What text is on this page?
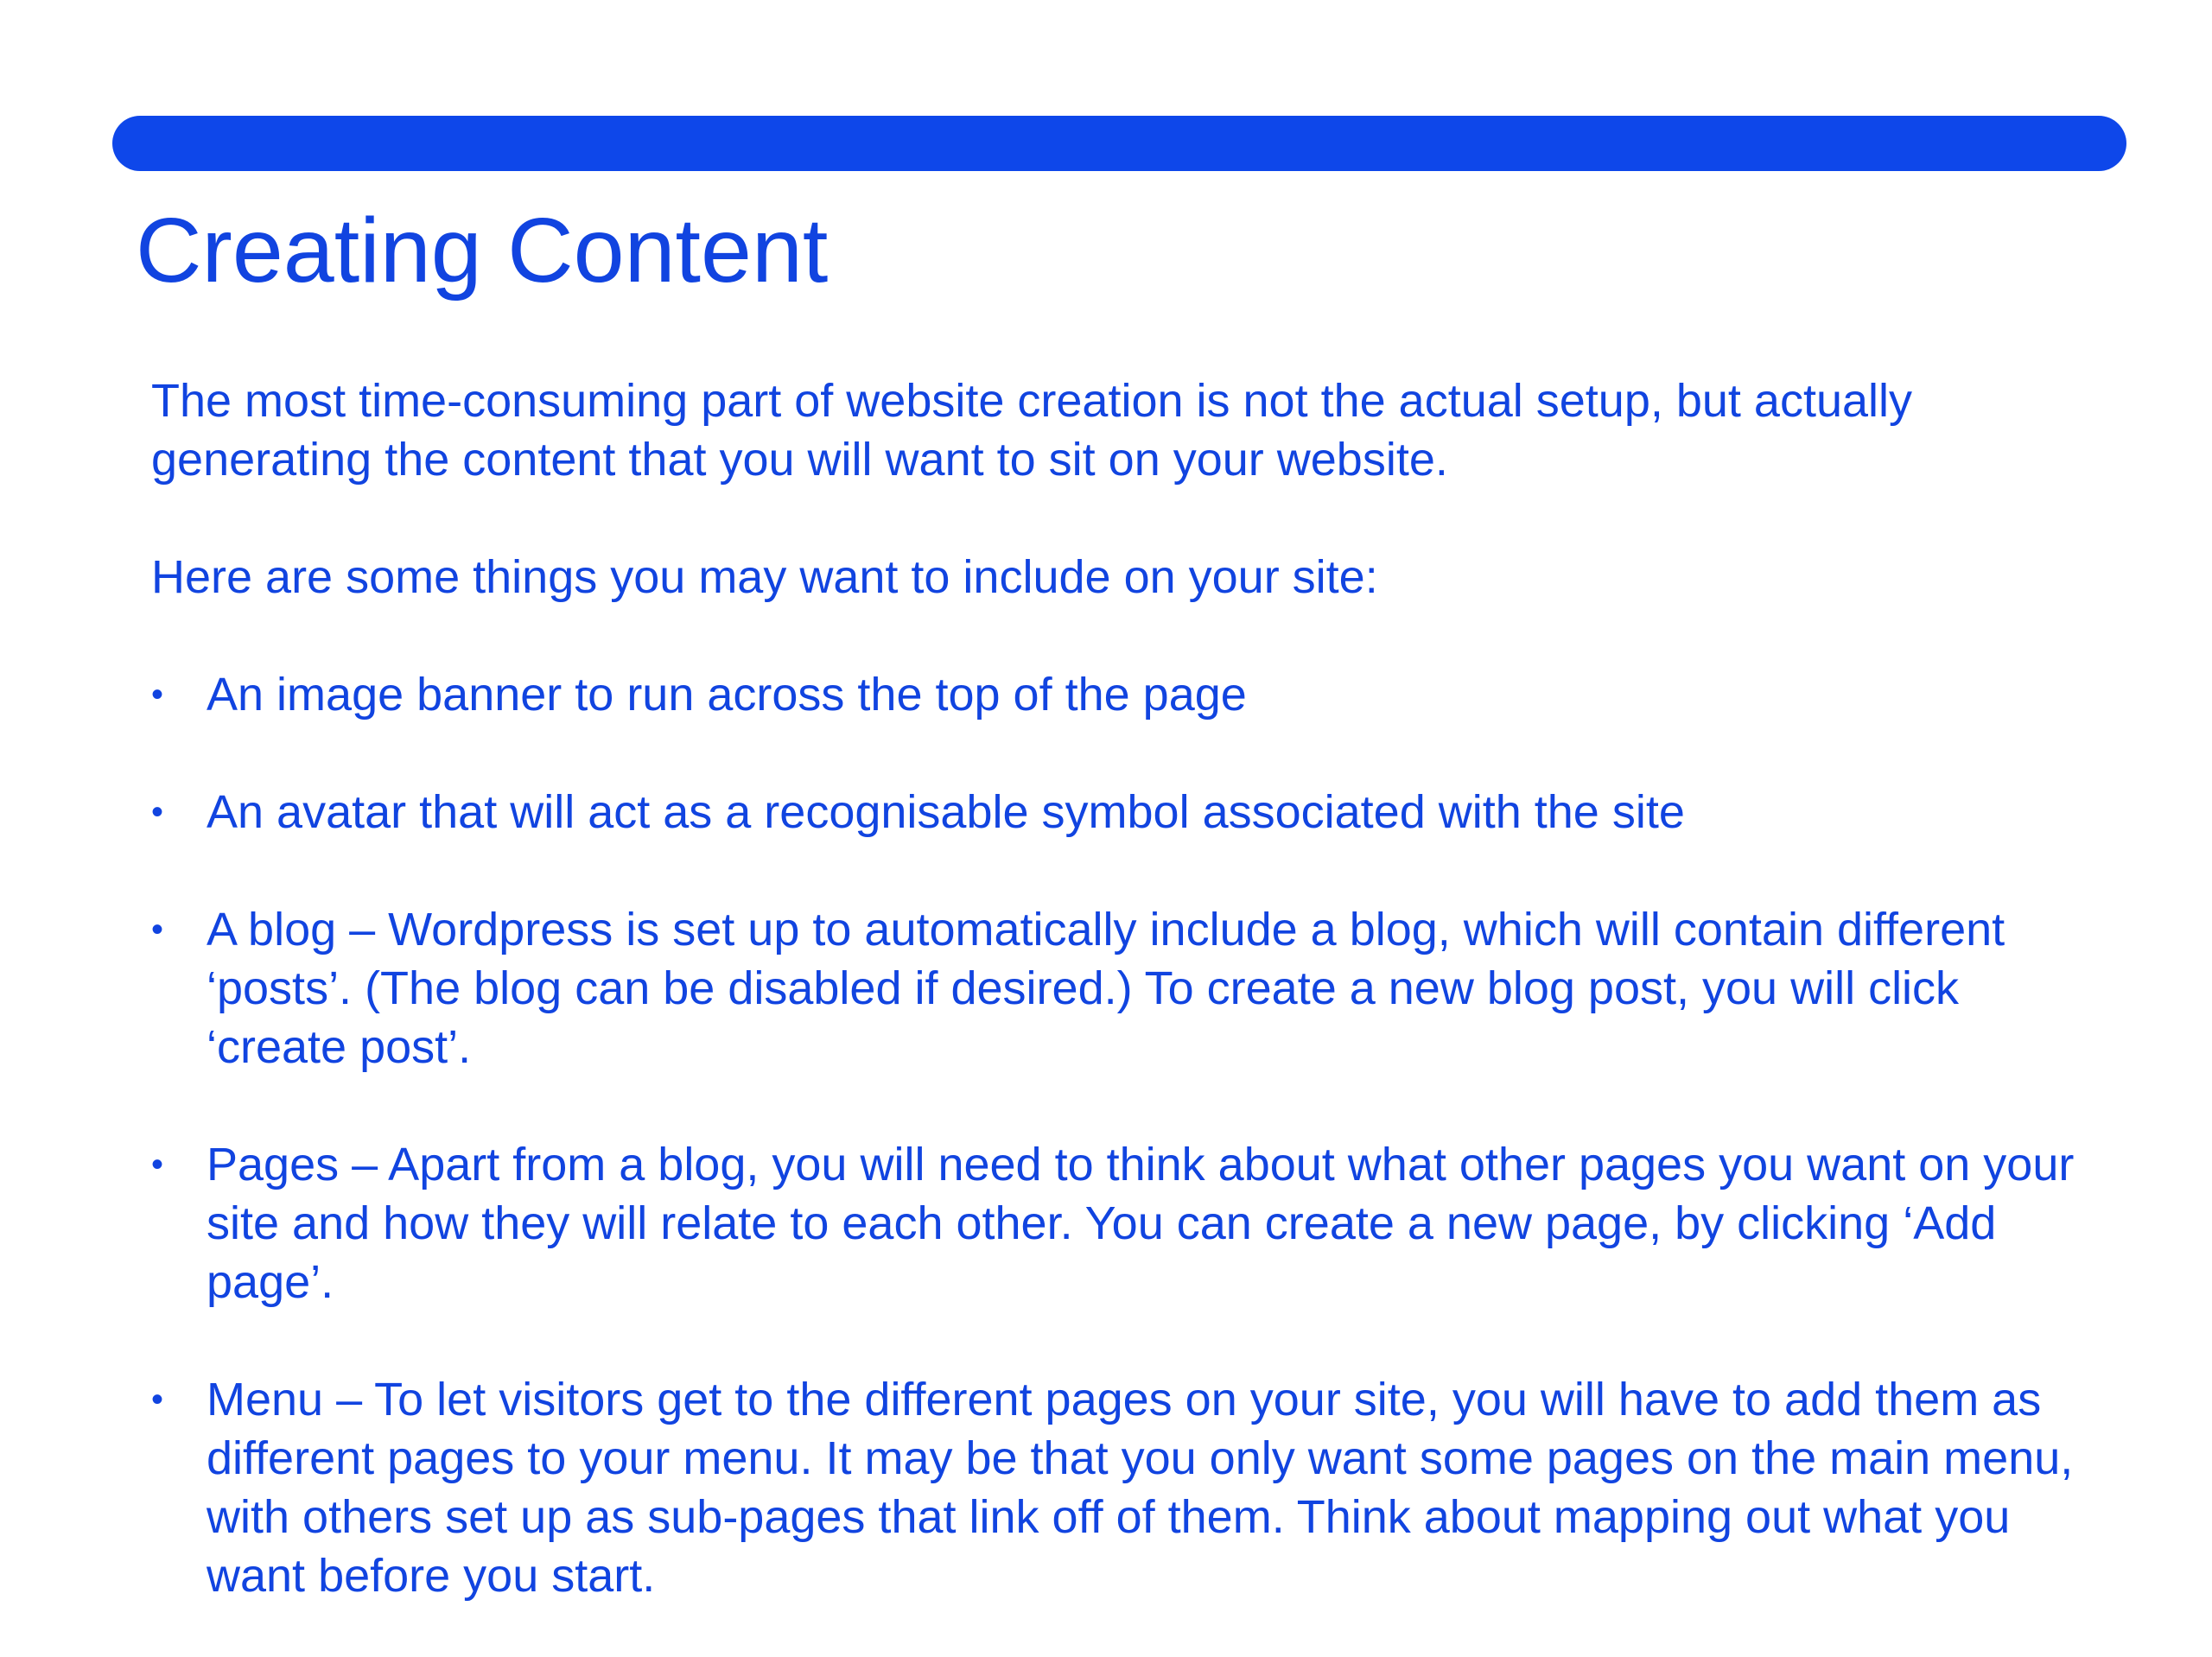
Creating Content

The most time-consuming part of website creation is not the actual setup, but actually generating the content that you will want to sit on your website.

Here are some things you may want to include on your site:

• An image banner to run across the top of the page
• An avatar that will act as a recognisable symbol associated with the site
• A blog – Wordpress is set up to automatically include a blog, which will contain different ‘posts’. (The blog can be disabled if desired.) To create a new blog post, you will click ‘create post’.
• Pages – Apart from a blog, you will need to think about what other pages you want on your site and how they will relate to each other. You can create a new page, by clicking ‘Add page’.
• Menu – To let visitors get to the different pages on your site, you will have to add them as different pages to your menu. It may be that you only want some pages on the main menu, with others set up as sub-pages that link off of them. Think about mapping out what you want before you start.
